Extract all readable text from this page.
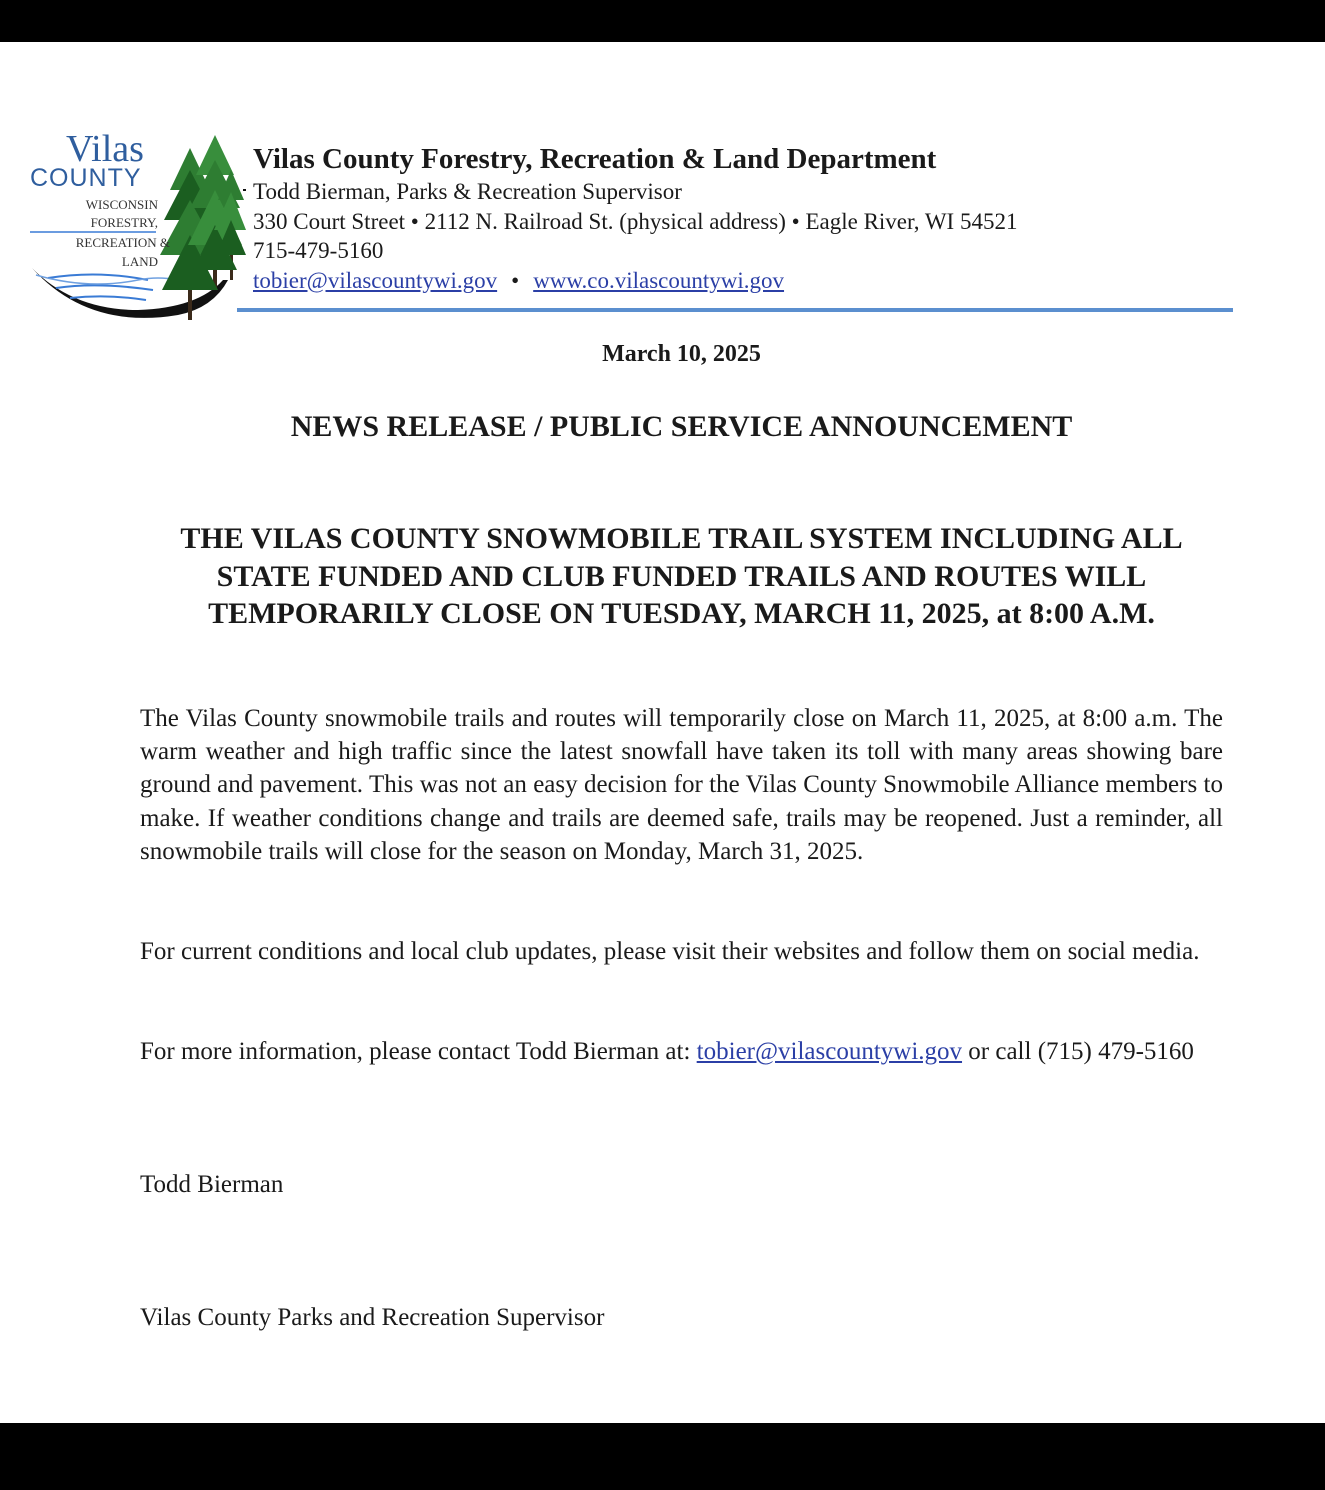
Vilas
COUNTY
WISCONSIN
FORESTRY,
RECREATION &
LAND
Vilas County Forestry, Recreation & Land Department
Todd Bierman, Parks & Recreation Supervisor
330 Court Street • 2112 N. Railroad St. (physical address) • Eagle River, WI 54521
715-479-5160
tobier@vilascountywi.gov • www.co.vilascountywi.gov
March 10, 2025
NEWS RELEASE / PUBLIC SERVICE ANNOUNCEMENT
THE VILAS COUNTY SNOWMOBILE TRAIL SYSTEM INCLUDING ALL STATE FUNDED AND CLUB FUNDED TRAILS AND ROUTES WILL TEMPORARILY CLOSE ON TUESDAY, MARCH 11, 2025, at 8:00 A.M.
The Vilas County snowmobile trails and routes will temporarily close on March 11, 2025, at 8:00 a.m. The warm weather and high traffic since the latest snowfall have taken its toll with many areas showing bare ground and pavement. This was not an easy decision for the Vilas County Snowmobile Alliance members to make. If weather conditions change and trails are deemed safe, trails may be reopened. Just a reminder, all snowmobile trails will close for the season on Monday, March 31, 2025.
For current conditions and local club updates, please visit their websites and follow them on social media.
For more information, please contact Todd Bierman at: tobier@vilascountywi.gov or call (715) 479-5160
Todd Bierman
Vilas County Parks and Recreation Supervisor
